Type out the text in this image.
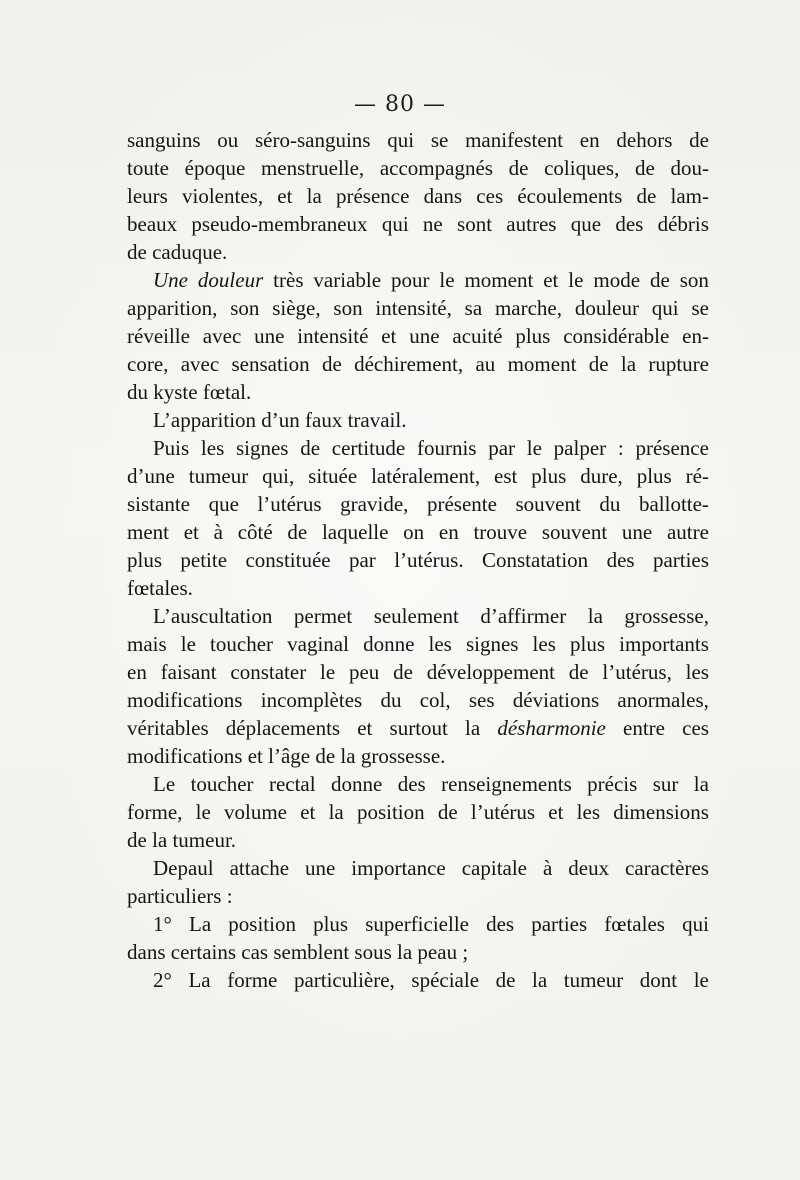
— 80 —
sanguins ou séro-sanguins qui se manifestent en dehors de
toute époque menstruelle, accompagnés de coliques, de dou-
leurs violentes, et la présence dans ces écoulements de lam-
beaux pseudo-membraneux qui ne sont autres que des débris
de caduque.
Une douleur très variable pour le moment et le mode de son
apparition, son siège, son intensité, sa marche, douleur qui se
réveille avec une intensité et une acuité plus considérable en-
core, avec sensation de déchirement, au moment de la rupture
du kyste fœtal.
L’apparition d’un faux travail.
Puis les signes de certitude fournis par le palper : présence
d’une tumeur qui, située latéralement, est plus dure, plus ré-
sistante que l’utérus gravide, présente souvent du ballotte-
ment et à côté de laquelle on en trouve souvent une autre
plus petite constituée par l’utérus. Constatation des parties
fœtales.
L’auscultation permet seulement d’affirmer la grossesse,
mais le toucher vaginal donne les signes les plus importants
en faisant constater le peu de développement de l’utérus, les
modifications incomplètes du col, ses déviations anormales,
véritables déplacements et surtout la désharmonie entre ces
modifications et l’âge de la grossesse.
Le toucher rectal donne des renseignements précis sur la
forme, le volume et la position de l’utérus et les dimensions
de la tumeur.
Depaul attache une importance capitale à deux caractères
particuliers :
1° La position plus superficielle des parties fœtales qui
dans certains cas semblent sous la peau ;
2° La forme particulière, spéciale de la tumeur dont le
